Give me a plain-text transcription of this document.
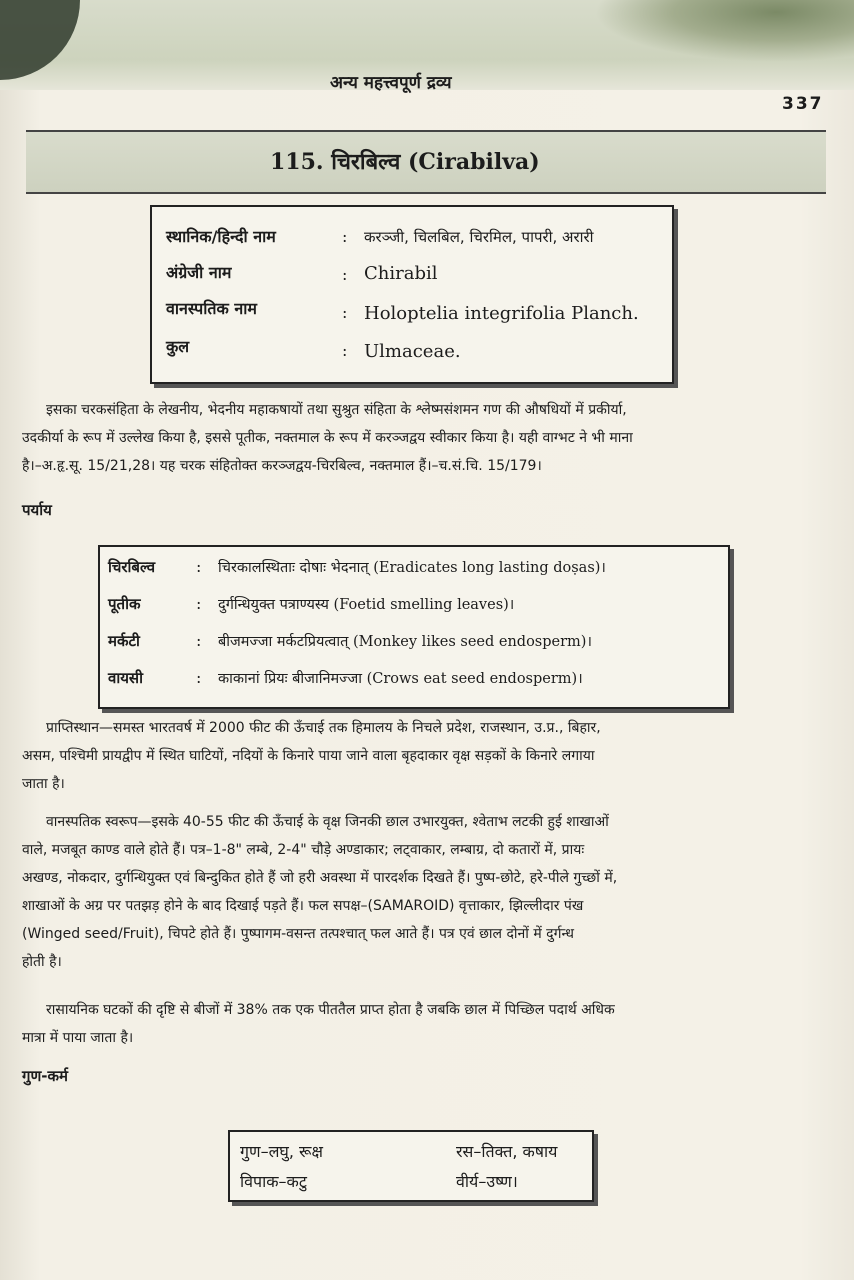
अन्य महत्त्वपूर्ण द्रव्य
337
115. चिरबिल्व (Cirabilva)
स्थानिक/हिन्दी नाम	: करञ्जी, चिलबिल, चिरमिल, पापरी, अरारी
अंग्रेजी नाम	: Chirabil
वानस्पतिक नाम	: Holoptelia integrifolia Planch.
कुल	: Ulmaceae.
इसका चरकसंहिता के लेखनीय, भेदनीय महाकषायों तथा सुश्रुत संहिता के श्लेष्मसंशमन गण की औषधियों में प्रकीर्या,
उदकीर्या के रूप में उल्लेख किया है, इससे पूतीक, नक्तमाल के रूप में करञ्जद्वय स्वीकार किया है। यही वाग्भट ने भी माना
है।–अ.हृ.सू. 15/21,28। यह चरक संहितोक्त करञ्जद्वय-चिरबिल्व, नक्तमाल हैं।–च.सं.चि. 15/179।
पर्याय
चिरबिल्व	: चिरकालस्थिताः दोषाः भेदनात् (Eradicates long lasting doṣas)।
पूतीक	: दुर्गन्धियुक्त पत्राण्यस्य (Foetid smelling leaves)।
मर्कटी	: बीजमज्जा मर्कटप्रियत्वात् (Monkey likes seed endosperm)।
वायसी	: काकानां प्रियः बीजानिमज्जा (Crows eat seed endosperm)।
प्राप्तिस्थान—समस्त भारतवर्ष में 2000 फीट की ऊँचाई तक हिमालय के निचले प्रदेश, राजस्थान, उ.प्र., बिहार,
असम, पश्चिमी प्रायद्वीप में स्थित घाटियों, नदियों के किनारे पाया जाने वाला बृहदाकार वृक्ष सड़कों के किनारे लगाया
जाता है।
वानस्पतिक स्वरूप—इसके 40-55 फीट की ऊँचाई के वृक्ष जिनकी छाल उभारयुक्त, श्वेताभ लटकी हुई शाखाओं
वाले, मजबूत काण्ड वाले होते हैं। पत्र–1-8" लम्बे, 2-4" चौड़े अण्डाकार; लट्वाकार, लम्बाग्र, दो कतारों में, प्रायः
अखण्ड, नोकदार, दुर्गन्धियुक्त एवं बिन्दुकित होते हैं जो हरी अवस्था में पारदर्शक दिखते हैं। पुष्प-छोटे, हरे-पीले गुच्छों में,
शाखाओं के अग्र पर पतझड़ होने के बाद दिखाई पड़ते हैं। फल सपक्ष–(SAMAROID) वृत्ताकार, झिल्लीदार पंख
(Winged seed/Fruit), चिपटे होते हैं। पुष्पागम-वसन्त तत्पश्चात् फल आते हैं। पत्र एवं छाल दोनों में दुर्गन्ध
होती है।
रासायनिक घटकों की दृष्टि से बीजों में 38% तक एक पीततैल प्राप्त होता है जबकि छाल में पिच्छिल पदार्थ अधिक
मात्रा में पाया जाता है।
गुण-कर्म
गुण–लघु, रूक्ष	रस–तिक्त, कषाय
विपाक–कटु	वीर्य–उष्ण।
